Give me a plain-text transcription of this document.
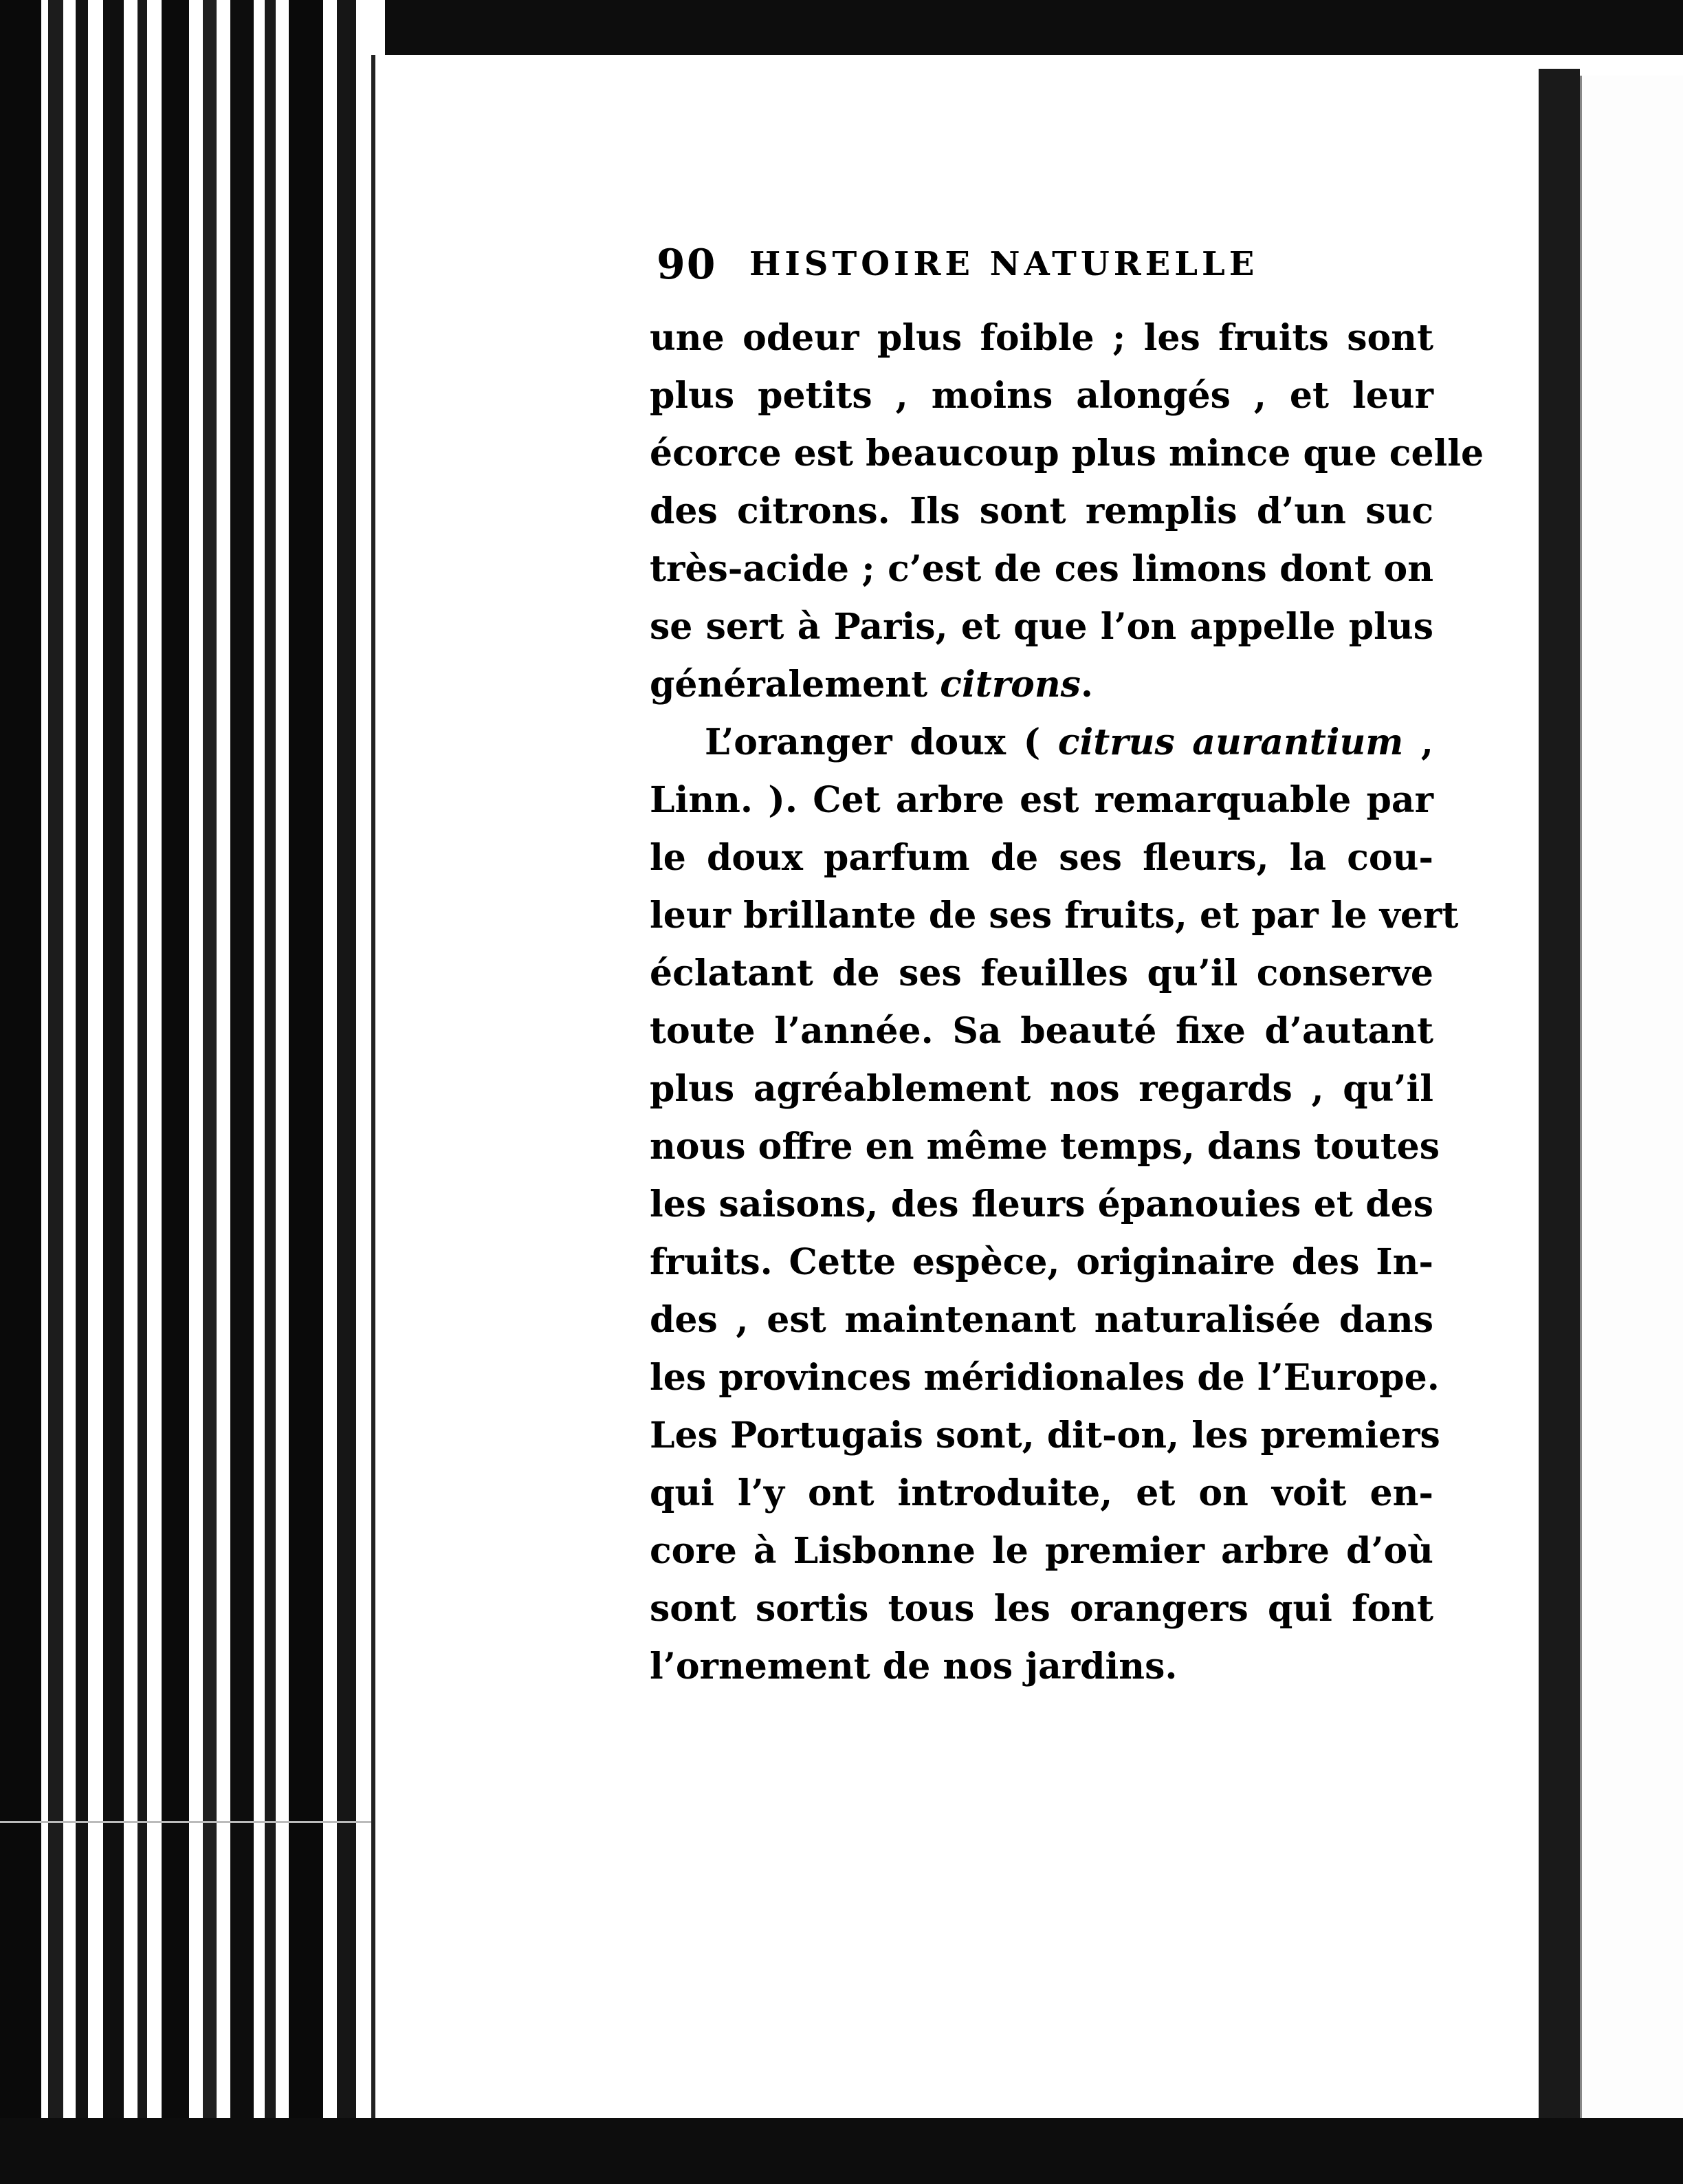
90 HISTOIRE NATURELLE
une odeur plus foible ; les fruits sont
plus petits , moins alongés , et leur
écorce est beaucoup plus mince que celle
des citrons. Ils sont remplis d’un suc
très-acide ; c’est de ces limons dont on
se sert à Paris, et que l’on appelle plus
généralement citrons.
L’oranger doux ( citrus aurantium ,
Linn. ). Cet arbre est remarquable par
le doux parfum de ses fleurs, la cou-
leur brillante de ses fruits, et par le vert
éclatant de ses feuilles qu’il conserve
toute l’année. Sa beauté fixe d’autant
plus agréablement nos regards , qu’il
nous offre en même temps, dans toutes
les saisons, des fleurs épanouies et des
fruits. Cette espèce, originaire des In-
des , est maintenant naturalisée dans
les provinces méridionales de l’Europe.
Les Portugais sont, dit-on, les premiers
qui l’y ont introduite, et on voit en-
core à Lisbonne le premier arbre d’où
sont sortis tous les orangers qui font
l’ornement de nos jardins.
